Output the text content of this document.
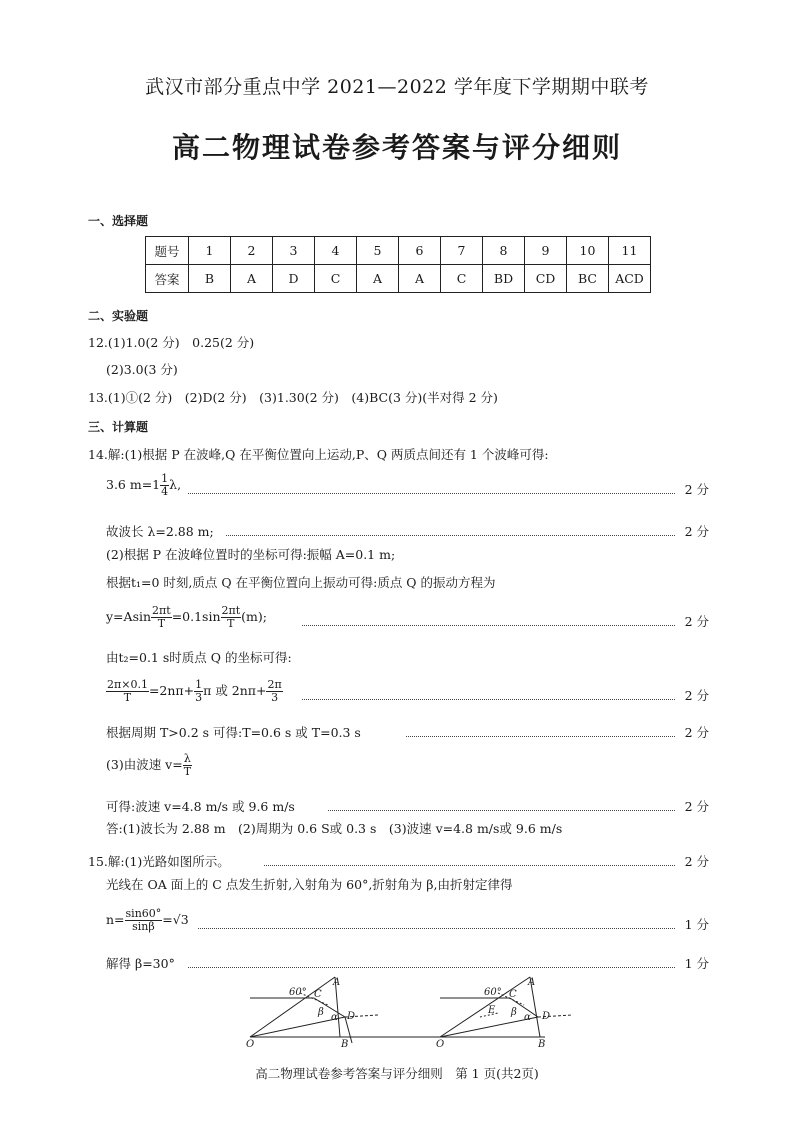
武汉市部分重点中学 2021—2022 学年度下学期期中联考
高二物理试卷参考答案与评分细则
一、选择题
题号	1	2	3	4	5	6	7	8	9	10	11
答案	B	A	D	C	A	A	C	BD	CD	BC	ACD
二、实验题
12.(1)1.0(2 分)　0.25(2 分)
(2)3.0(3 分)
13.(1)①(2 分)　(2)D(2 分)　(3)1.30(2 分)　(4)BC(3 分)(半对得 2 分)
三、计算题
14.解:(1)根据 P 在波峰,Q 在平衡位置向上运动,P、Q 两质点间还有 1 个波峰可得:
3.6 $m=1 \frac{1}{4} \lambda$,	2 分
故波长 λ=2.88 m;	2 分
(2)根据 P 在波峰位置时的坐标可得:振幅 A=0.1 m;
根据t₁=0 时刻,质点 Q 在平衡位置向上振动可得:质点 Q 的振动方程为
$y=Asin \frac{2\pi t}{T} =0.1\sin \frac{2\pi t}{T} (m)$;	2 分
由t₂=0.1 s时质点 Q 的坐标可得:
$\frac{2\pi\times 0.1}{T} =2n\pi+ \frac{1}{3}$ π 或 $2n\pi+ \frac{2\pi}{3}$	2 分
根据周期 T>0.2 s 可得:T=0.6 s 或 T=0.3 s	2 分
(3)由波速 $v= \frac{\lambda}{T}$
可得:波速 v=4.8 m/s 或 9.6 m/s	2 分
答:(1)波长为 2.88 m　(2)周期为 0.6 S或 0.3 s　(3)波速 v=4.8 m/s或 9.6 m/s
15.解:(1)光路如图所示。	2 分
光线在 OA 面上的 C 点发生折射,入射角为 60°,折射角为 β,由折射定律得
$n= \frac{\sin 60^\circ}{\sin\beta} =√3$	1 分
解得 β=30°	1 分
60° C
A
β α D
O	B
60° C
A
β α D
O	B
E
高二物理试卷参考答案与评分细则　第 1 页(共2页)
